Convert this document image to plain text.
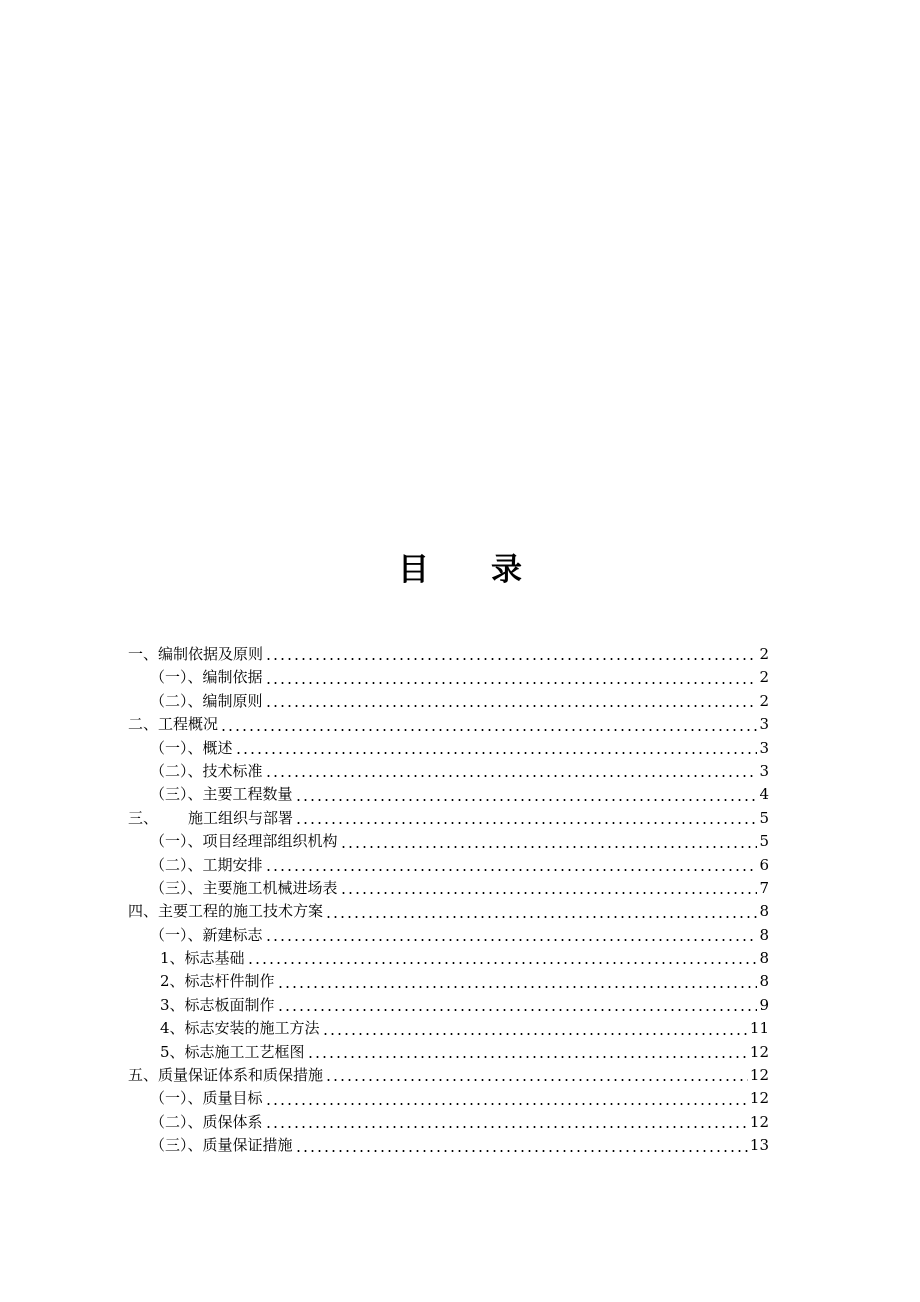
目 录
一、编制依据及原则	2
（一）、编制依据	2
（二）、编制原则	2
二、工程概况	3
（一）、概述	3
（二）、技术标准	3
（三）、主要工程数量	4
三、 施工组织与部署	5
（一）、项目经理部组织机构	5
（二）、工期安排	6
（三）、主要施工机械进场表	7
四、主要工程的施工技术方案	8
（一）、新建标志	8
1、标志基础	8
2、标志杆件制作	8
3、标志板面制作	9
4、标志安装的施工方法	11
5、标志施工工艺框图	12
五、质量保证体系和质保措施	12
（一）、质量目标	12
（二）、质保体系	12
（三）、质量保证措施	13
